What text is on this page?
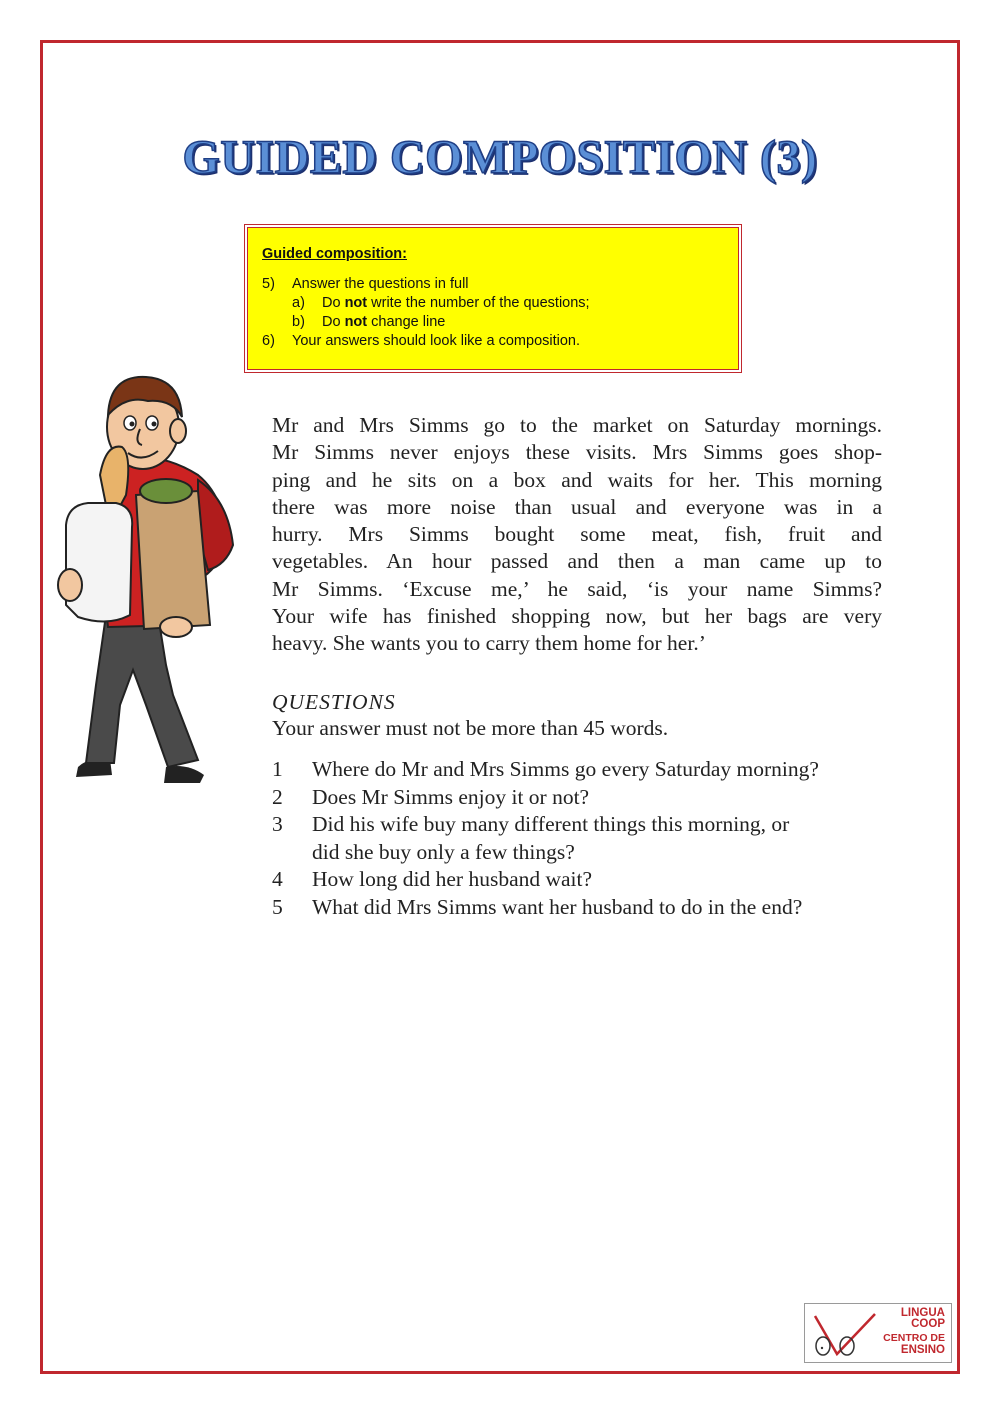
GUIDED COMPOSITION (3)
Guided composition:
5) Answer the questions in full
a) Do not write the number of the questions;
b) Do not change line
6) Your answers should look like a composition.
Mr and Mrs Simms go to the market on Saturday mornings.
Mr Simms never enjoys these visits. Mrs Simms goes shop-
ping and he sits on a box and waits for her. This morning
there was more noise than usual and everyone was in a
hurry. Mrs Simms bought some meat, fish, fruit and
vegetables. An hour passed and then a man came up to
Mr Simms. ‘Excuse me,’ he said, ‘is your name Simms?
Your wife has finished shopping now, but her bags are very
heavy. She wants you to carry them home for her.’
QUESTIONS
Your answer must not be more than 45 words.
1	Where do Mr and Mrs Simms go every Saturday morning?
2	Does Mr Simms enjoy it or not?
3	Did his wife buy many different things this morning, or
did she buy only a few things?
4	How long did her husband wait?
5	What did Mrs Simms want her husband to do in the end?
LINGUA
COOP
CENTRO DE
ENSINO
